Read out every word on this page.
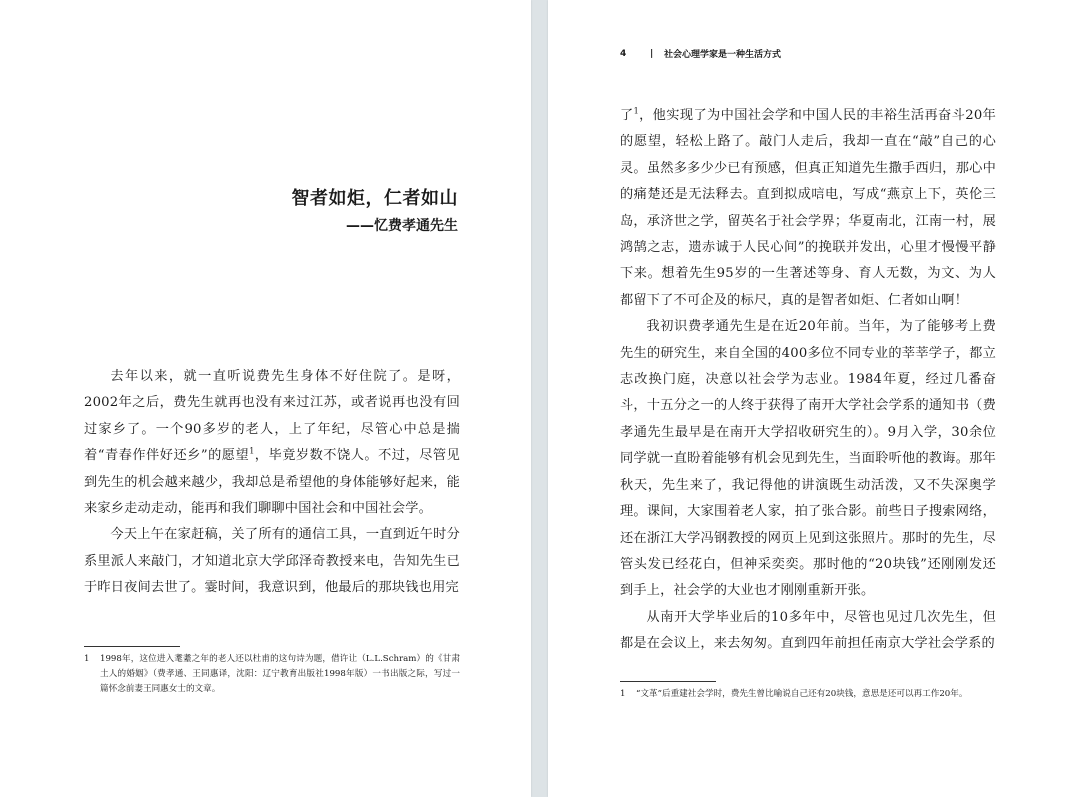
智者如炬，仁者如山
——忆费孝通先生

去年以来，就一直听说费先生身体不好住院了。是呀，2002年之后，费先生就再也没有来过江苏，或者说再也没有回过家乡了。一个90多岁的老人，上了年纪，尽管心中总是揣着“青春作伴好还乡”的愿望$^1$，毕竟岁数不饶人。不过，尽管见到先生的机会越来越少，我却总是希望他的身体能够好起来，能来家乡走动走动，能再和我们聊聊中国社会和中国社会学。

今天上午在家赶稿，关了所有的通信工具，一直到近午时分系里派人来敲门，才知道北京大学邱泽奇教授来电，告知先生已于昨日夜间去世了。霎时间，我意识到，他最后的那块钱也用完

1 1998年，这位进入耄耋之年的老人还以杜甫的这句诗为题，借许让（L.L.Schram）的《甘肃土人的婚姻》（费孝通、王同惠译，沈阳：辽宁教育出版社1998年版）一书出版之际，写过一篇怀念前妻王同惠女士的文章。
4	|	社会心理学家是一种生活方式

了$^1$，他实现了为中国社会学和中国人民的丰裕生活再奋斗20年的愿望，轻松上路了。敲门人走后，我却一直在“敲”自己的心灵。虽然多多少少已有预感，但真正知道先生撒手西归，那心中的痛楚还是无法释去。直到拟成唁电，写成“燕京上下，英伦三岛，承济世之学，留英名于社会学界；华夏南北，江南一村，展鸿鹄之志，遗赤诚于人民心间”的挽联并发出，心里才慢慢平静下来。想着先生95岁的一生著述等身、育人无数，为文、为人都留下了不可企及的标尺，真的是智者如炬、仁者如山啊！

我初识费孝通先生是在近20年前。当年，为了能够考上费先生的研究生，来自全国的400多位不同专业的莘莘学子，都立志改换门庭，决意以社会学为志业。1984年夏，经过几番奋斗，十五分之一的人终于获得了南开大学社会学系的通知书（费孝通先生最早是在南开大学招收研究生的）。9月入学，30余位同学就一直盼着能够有机会见到先生，当面聆听他的教诲。那年秋天，先生来了，我记得他的讲演既生动活泼，又不失深奥学理。课间，大家围着老人家，拍了张合影。前些日子搜索网络，还在浙江大学冯钢教授的网页上见到这张照片。那时的先生，尽管头发已经花白，但神采奕奕。那时他的“20块钱”还刚刚发还到手上，社会学的大业也才刚刚重新开张。

从南开大学毕业后的10多年中，尽管也见过几次先生，但都是在会议上，来去匆匆。直到四年前担任南京大学社会学系的

1 “文革”后重建社会学时，费先生曾比喻说自己还有20块钱，意思是还可以再工作20年。
